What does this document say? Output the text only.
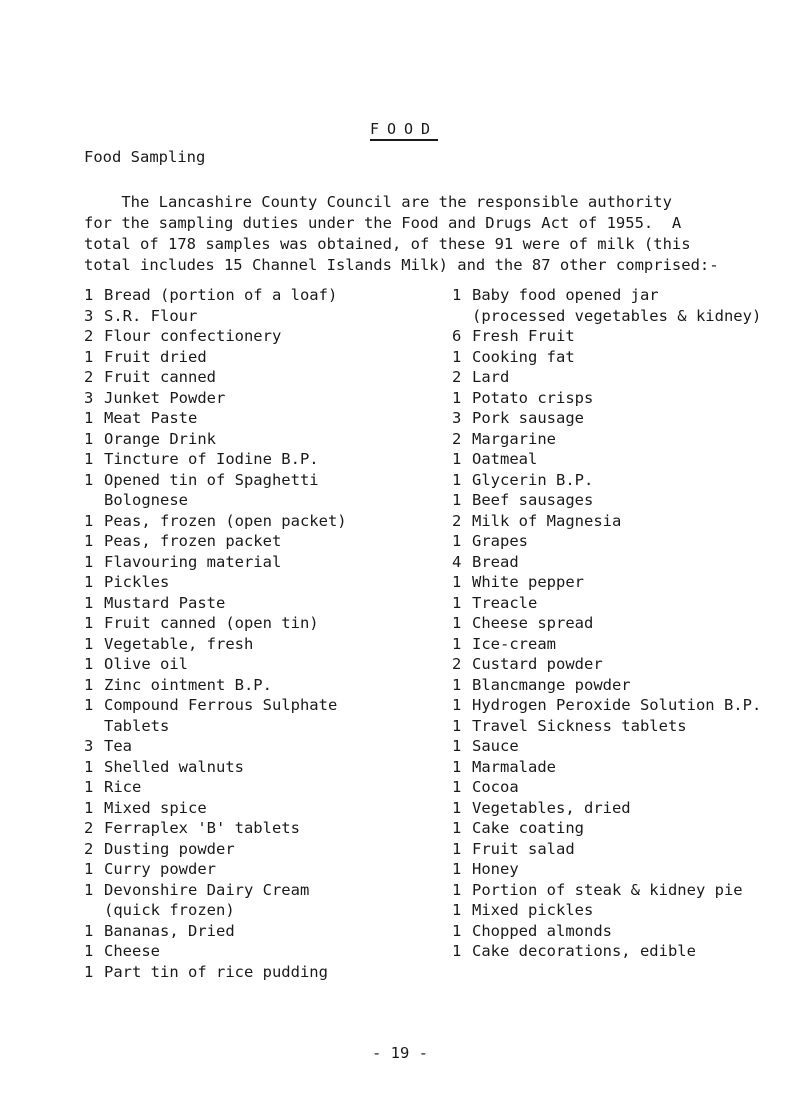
FOOD
Food Sampling
The Lancashire County Council are the responsible authority
for the sampling duties under the Food and Drugs Act of 1955.  A
total of 178 samples was obtained, of these 91 were of milk (this
total includes 15 Channel Islands Milk) and the 87 other comprised:-
1 Bread (portion of a loaf)
3 S.R. Flour
2 Flour confectionery
1 Fruit dried
2 Fruit canned
3 Junket Powder
1 Meat Paste
1 Orange Drink
1 Tincture of Iodine B.P.
1 Opened tin of Spaghetti
Bolognese
1 Peas, frozen (open packet)
1 Peas, frozen packet
1 Flavouring material
1 Pickles
1 Mustard Paste
1 Fruit canned (open tin)
1 Vegetable, fresh
1 Olive oil
1 Zinc ointment B.P.
1 Compound Ferrous Sulphate
Tablets
3 Tea
1 Shelled walnuts
1 Rice
1 Mixed spice
2 Ferraplex 'B' tablets
2 Dusting powder
1 Curry powder
1 Devonshire Dairy Cream
(quick frozen)
1 Bananas, Dried
1 Cheese
1 Part tin of rice pudding
1 Baby food opened jar
(processed vegetables & kidney)
6 Fresh Fruit
1 Cooking fat
2 Lard
1 Potato crisps
3 Pork sausage
2 Margarine
1 Oatmeal
1 Glycerin B.P.
1 Beef sausages
2 Milk of Magnesia
1 Grapes
4 Bread
1 White pepper
1 Treacle
1 Cheese spread
1 Ice-cream
2 Custard powder
1 Blancmange powder
1 Hydrogen Peroxide Solution B.P.
1 Travel Sickness tablets
1 Sauce
1 Marmalade
1 Cocoa
1 Vegetables, dried
1 Cake coating
1 Fruit salad
1 Honey
1 Portion of steak & kidney pie
1 Mixed pickles
1 Chopped almonds
1 Cake decorations, edible
- 19 -
